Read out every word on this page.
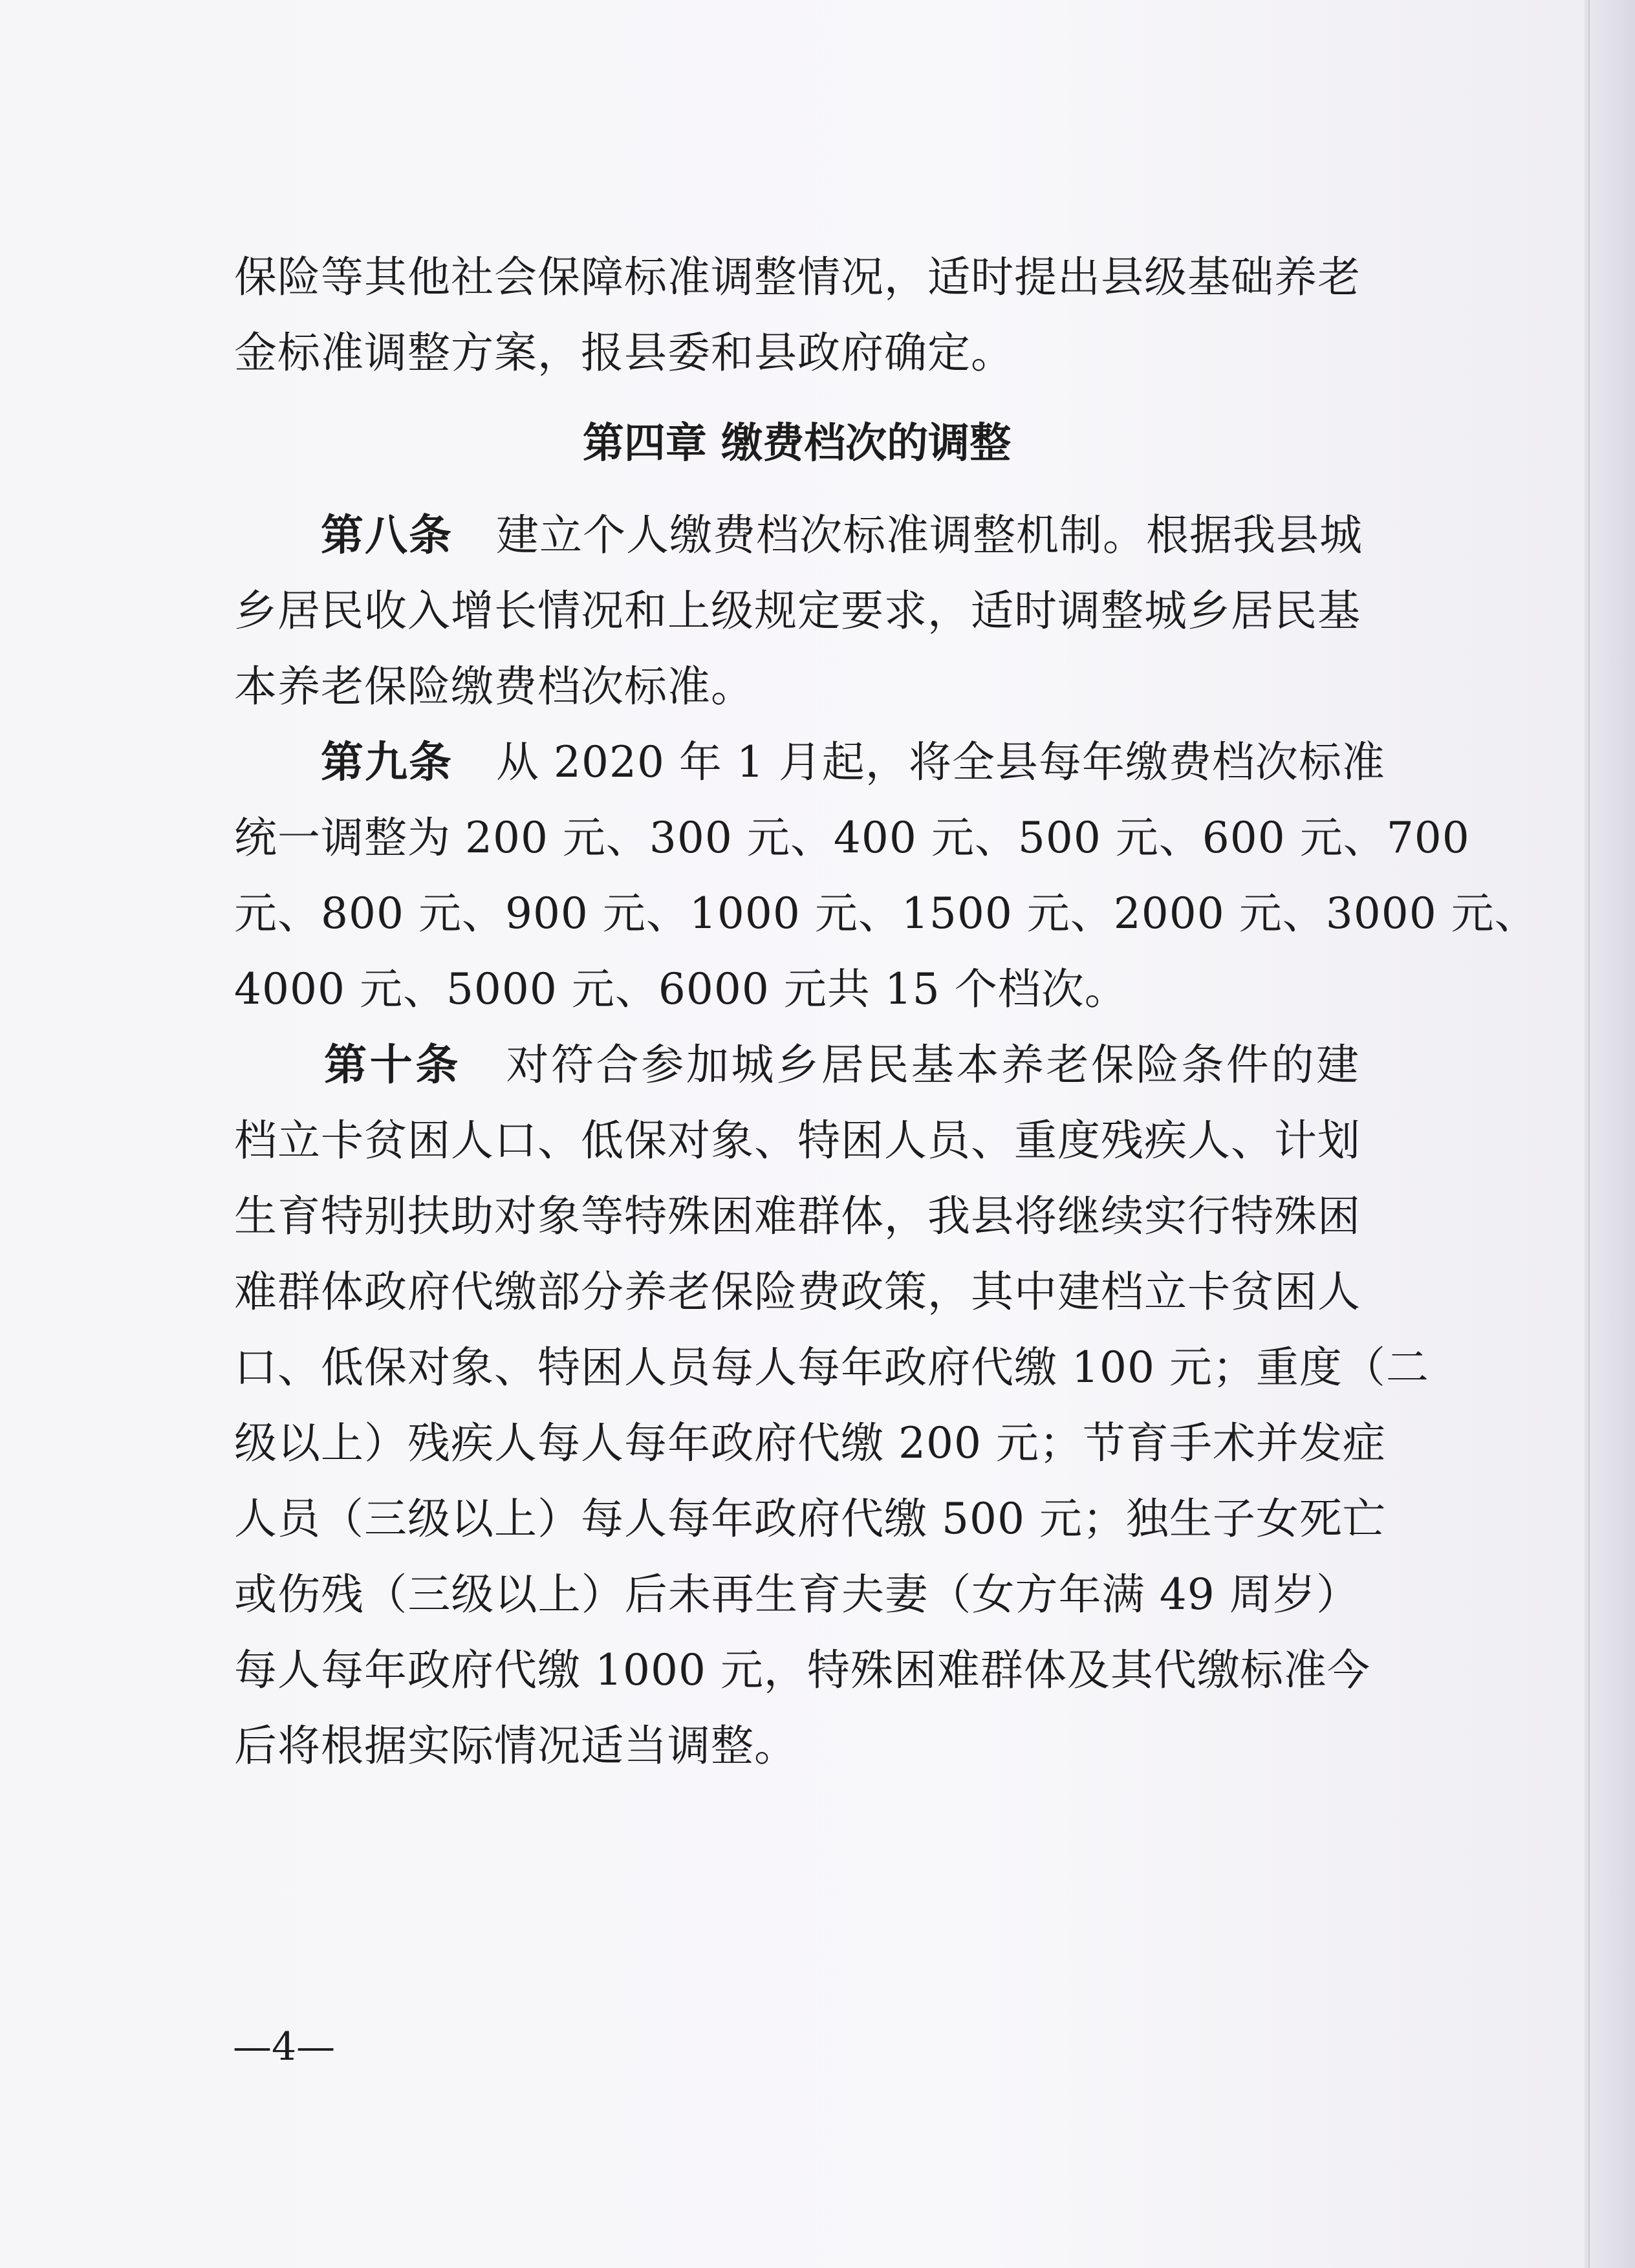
保险等其他社会保障标准调整情况，适时提出县级基础养老
金标准调整方案，报县委和县政府确定。
第四章 缴费档次的调整
　　第八条　 建立个人缴费档次标准调整机制。根据我县城
乡居民收入增长情况和上级规定要求，适时调整城乡居民基
本养老保险缴费档次标准。
　　第九条　 从 2020 年 1 月起，将全县每年缴费档次标准
统一调整为 200 元、300 元、400 元、500 元、600 元、700
元、800 元、900 元、1000 元、1500 元、2000 元、3000 元、
4000 元、5000 元、6000 元共 15 个档次。
　　第十条　 对符合参加城乡居民基本养老保险条件的建
档立卡贫困人口、低保对象、特困人员、重度残疾人、计划
生育特别扶助对象等特殊困难群体，我县将继续实行特殊困
难群体政府代缴部分养老保险费政策，其中建档立卡贫困人
口、低保对象、特困人员每人每年政府代缴 100 元；重度（二
级以上）残疾人每人每年政府代缴 200 元；节育手术并发症
人员（三级以上）每人每年政府代缴 500 元；独生子女死亡
或伤残（三级以上）后未再生育夫妻（女方年满 49 周岁）
每人每年政府代缴 1000 元，特殊困难群体及其代缴标准今
后将根据实际情况适当调整。
—4—
